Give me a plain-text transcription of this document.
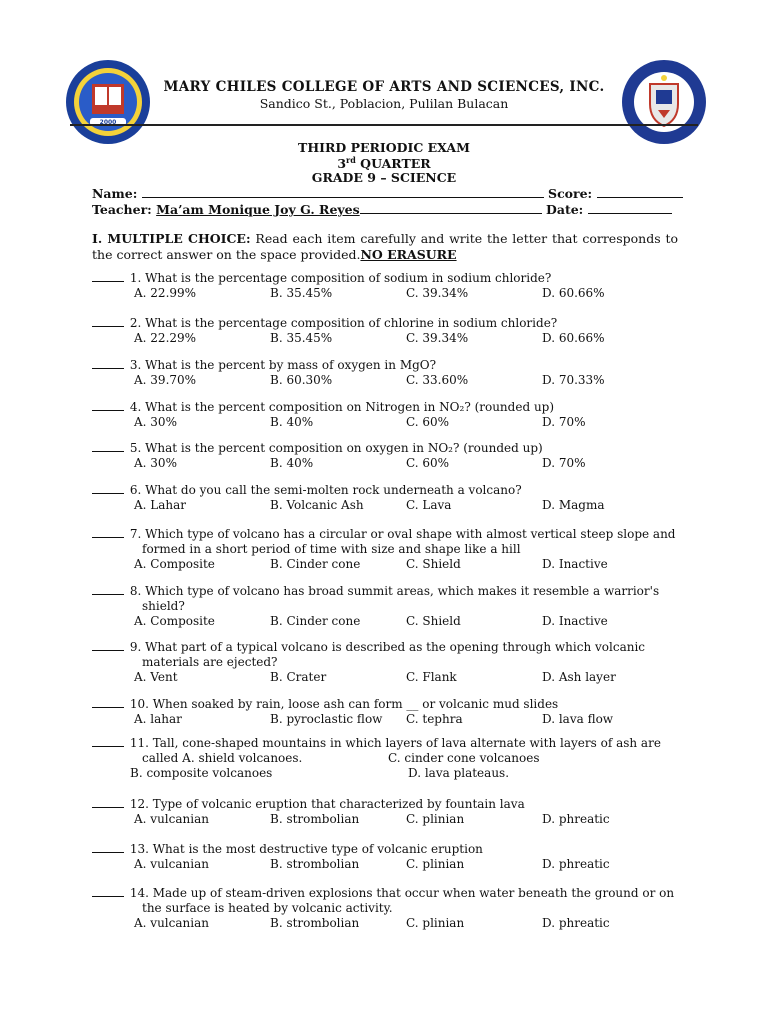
2000
MARY CHILES COLLEGE OF ARTS AND SCIENCES, INC.
Sandico St., Poblacion, Pulilan Bulacan
THIRD PERIODIC EXAM
3rd QUARTER
GRADE 9 – SCIENCE
Name:	Score:
Teacher: Ma’am Monique Joy G. Reyes	Date:
I. MULTIPLE CHOICE: Read each item carefully and write the letter that corresponds to the correct answer on the space provided.NO ERASURE
1. What is the percentage composition of sodium in sodium chloride?
A. 22.99%	B. 35.45%	C. 39.34%	D. 60.66%
2. What is the percentage composition of chlorine in sodium chloride?
A. 22.29%	B. 35.45%	C. 39.34%	D. 60.66%
3. What is the percent by mass of oxygen in MgO?
A. 39.70%	B. 60.30%	C. 33.60%	D. 70.33%
4. What is the percent composition on Nitrogen in NO₂? (rounded up)
A. 30%	B. 40%	C. 60%	D. 70%
5. What is the percent composition on oxygen in NO₂? (rounded up)
A. 30%	B. 40%	C. 60%	D. 70%
6. What do you call the semi-molten rock underneath a volcano?
A. Lahar	B. Volcanic Ash	C. Lava	D. Magma
7. Which type of volcano has a circular or oval shape with almost vertical steep slope and
formed in a short period of time with size and shape like a hill
A. Composite	B. Cinder cone	C. Shield	D. Inactive
8. Which type of volcano has broad summit areas, which makes it resemble a warrior's
shield?
A. Composite	B. Cinder cone	C. Shield	D. Inactive
9. What part of a typical volcano is described as the opening through which volcanic
materials are ejected?
A. Vent	B. Crater	C. Flank	D. Ash layer
10. When soaked by rain, loose ash can form __ or volcanic mud slides
A. lahar	B. pyroclastic flow C. tephra	D. lava flow
11. Tall, cone-shaped mountains in which layers of lava alternate with layers of ash are
called A. shield volcanoes.	C. cinder cone volcanoes
B. composite volcanoes	D. lava plateaus.
12. Type of volcanic eruption that characterized by fountain lava
A. vulcanian	B. strombolian	C. plinian	D. phreatic
13. What is the most destructive type of volcanic eruption
A. vulcanian	B. strombolian	C. plinian	D. phreatic
14. Made up of steam-driven explosions that occur when water beneath the ground or on
the surface is heated by volcanic activity.
A. vulcanian	B. strombolian	C. plinian	D. phreatic
